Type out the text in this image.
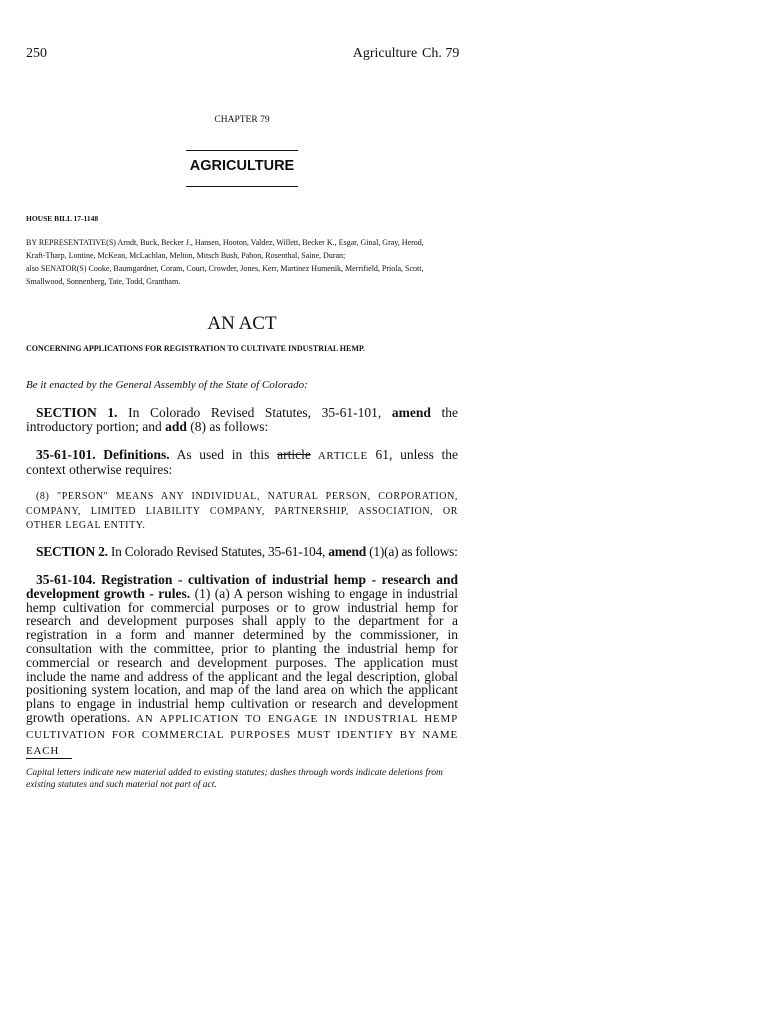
250	Agriculture Ch. 79
CHAPTER 79
AGRICULTURE
HOUSE BILL 17-1148
BY REPRESENTATIVE(S) Arndt, Buck, Becker J., Hansen, Hooton, Valdez, Willett, Becker K., Esgar, Ginal, Gray, Herod,
Kraft-Tharp, Lontine, McKean, McLachlan, Melton, Mitsch Bush, Pabon, Rosenthal, Saine, Duran;
also SENATOR(S) Cooke, Baumgardner, Coram, Court, Crowder, Jones, Kerr, Martinez Humenik, Merrifield, Priola, Scott,
Smallwood, Sonnenberg, Tate, Todd, Grantham.
AN ACT
CONCERNING APPLICATIONS FOR REGISTRATION TO CULTIVATE INDUSTRIAL HEMP.
Be it enacted by the General Assembly of the State of Colorado:
SECTION 1. In Colorado Revised Statutes, 35-61-101, amend the introductory portion; and add (8) as follows:
35-61-101. Definitions. As used in this article ARTICLE 61, unless the context otherwise requires:
(8) "PERSON" MEANS ANY INDIVIDUAL, NATURAL PERSON, CORPORATION, COMPANY, LIMITED LIABILITY COMPANY, PARTNERSHIP, ASSOCIATION, OR OTHER LEGAL ENTITY.
SECTION 2. In Colorado Revised Statutes, 35-61-104, amend (1)(a) as follows:
35-61-104. Registration - cultivation of industrial hemp - research and development growth - rules. (1) (a) A person wishing to engage in industrial hemp cultivation for commercial purposes or to grow industrial hemp for research and development purposes shall apply to the department for a registration in a form and manner determined by the commissioner, in consultation with the committee, prior to planting the industrial hemp for commercial or research and development purposes. The application must include the name and address of the applicant and the legal description, global positioning system location, and map of the land area on which the applicant plans to engage in industrial hemp cultivation or research and development growth operations. AN APPLICATION TO ENGAGE IN INDUSTRIAL HEMP CULTIVATION FOR COMMERCIAL PURPOSES MUST IDENTIFY BY NAME EACH
Capital letters indicate new material added to existing statutes; dashes through words indicate deletions from existing statutes and such material not part of act.
